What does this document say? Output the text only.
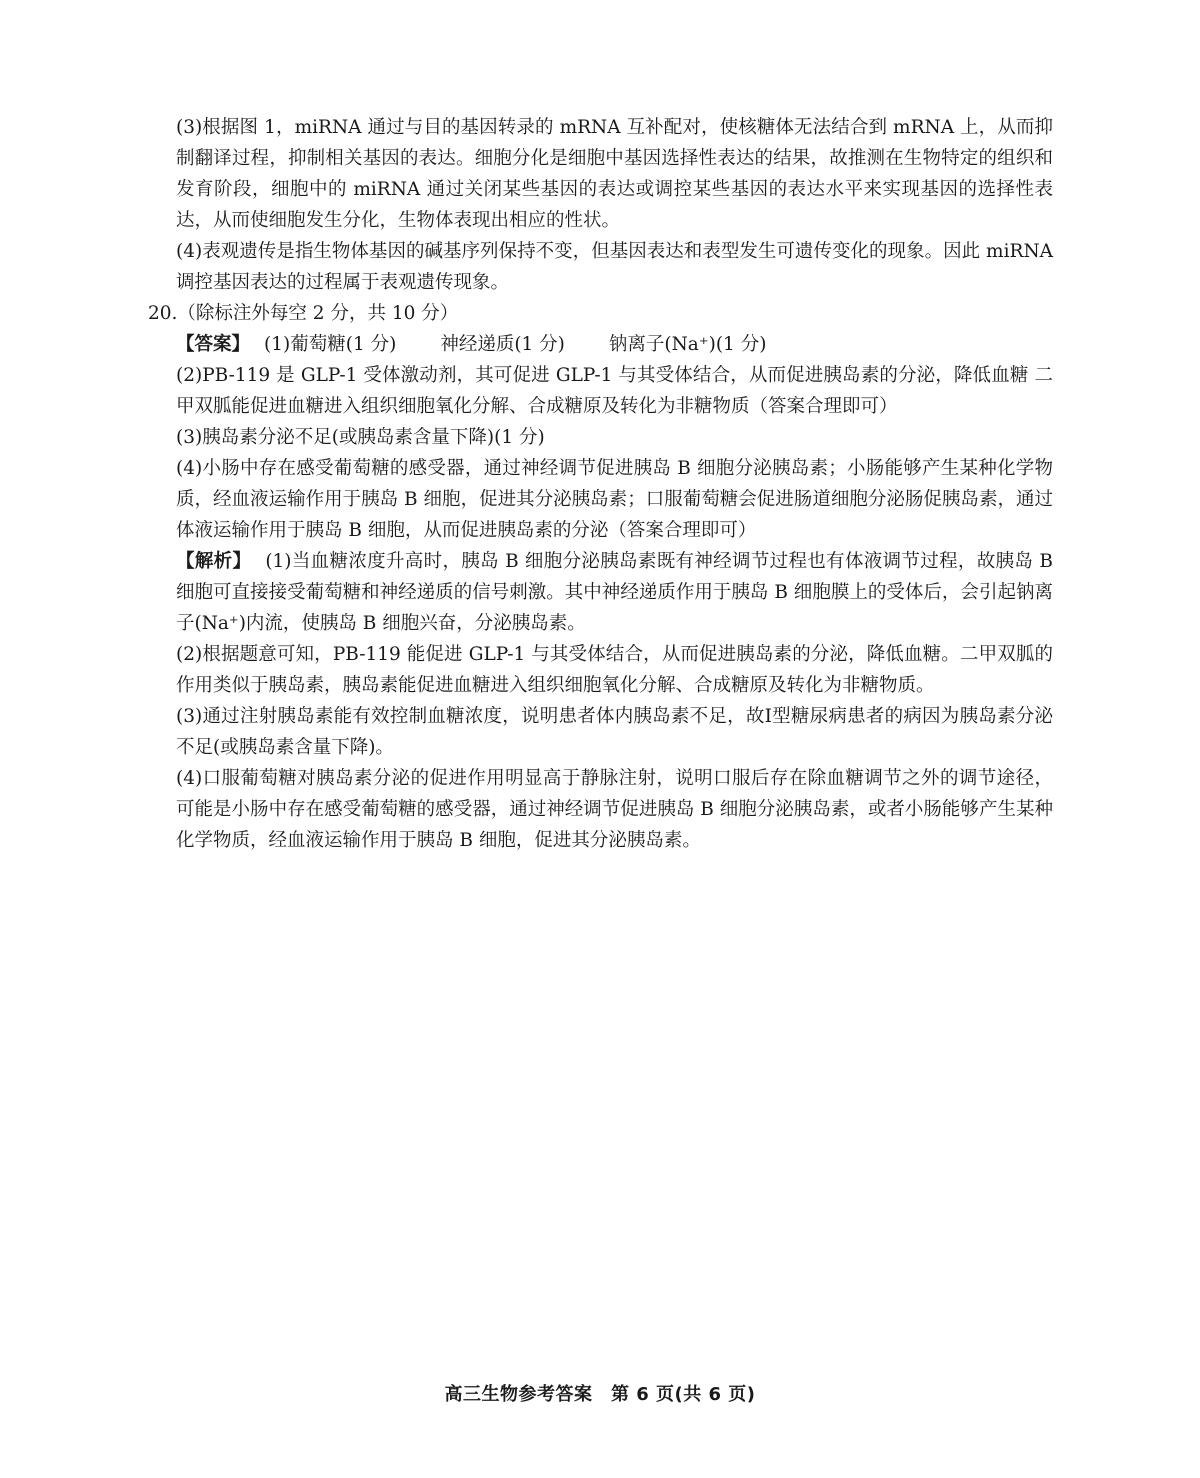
(3)根据图 1，miRNA 通过与目的基因转录的 mRNA 互补配对，使核糖体无法结合到 mRNA 上，从而抑制翻译过程，抑制相关基因的表达。细胞分化是细胞中基因选择性表达的结果，故推测在生物特定的组织和发育阶段，细胞中的 miRNA 通过关闭某些基因的表达或调控某些基因的表达水平来实现基因的选择性表达，从而使细胞发生分化，生物体表现出相应的性状。

(4)表观遗传是指生物体基因的碱基序列保持不变，但基因表达和表型发生可遗传变化的现象。因此 miRNA 调控基因表达的过程属于表观遗传现象。

20.（除标注外每空 2 分，共 10 分）

【答案】 (1)葡萄糖(1 分) 神经递质(1 分) 钠离子(Na⁺)(1 分)

(2)PB-119 是 GLP-1 受体激动剂，其可促进 GLP-1 与其受体结合，从而促进胰岛素的分泌，降低血糖 二甲双胍能促进血糖进入组织细胞氧化分解、合成糖原及转化为非糖物质（答案合理即可）

(3)胰岛素分泌不足(或胰岛素含量下降)(1 分)

(4)小肠中存在感受葡萄糖的感受器，通过神经调节促进胰岛 B 细胞分泌胰岛素；小肠能够产生某种化学物质，经血液运输作用于胰岛 B 细胞，促进其分泌胰岛素；口服葡萄糖会促进肠道细胞分泌肠促胰岛素，通过体液运输作用于胰岛 B 细胞，从而促进胰岛素的分泌（答案合理即可）

【解析】 (1)当血糖浓度升高时，胰岛 B 细胞分泌胰岛素既有神经调节过程也有体液调节过程，故胰岛 B 细胞可直接接受葡萄糖和神经递质的信号刺激。其中神经递质作用于胰岛 B 细胞膜上的受体后，会引起钠离子(Na⁺)内流，使胰岛 B 细胞兴奋，分泌胰岛素。

(2)根据题意可知，PB-119 能促进 GLP-1 与其受体结合，从而促进胰岛素的分泌，降低血糖。二甲双胍的作用类似于胰岛素，胰岛素能促进血糖进入组织细胞氧化分解、合成糖原及转化为非糖物质。

(3)通过注射胰岛素能有效控制血糖浓度，说明患者体内胰岛素不足，故Ⅰ型糖尿病患者的病因为胰岛素分泌不足(或胰岛素含量下降)。

(4)口服葡萄糖对胰岛素分泌的促进作用明显高于静脉注射，说明口服后存在除血糖调节之外的调节途径，可能是小肠中存在感受葡萄糖的感受器，通过神经调节促进胰岛 B 细胞分泌胰岛素，或者小肠能够产生某种化学物质，经血液运输作用于胰岛 B 细胞，促进其分泌胰岛素。

高三生物参考答案　第 6 页(共 6 页)
